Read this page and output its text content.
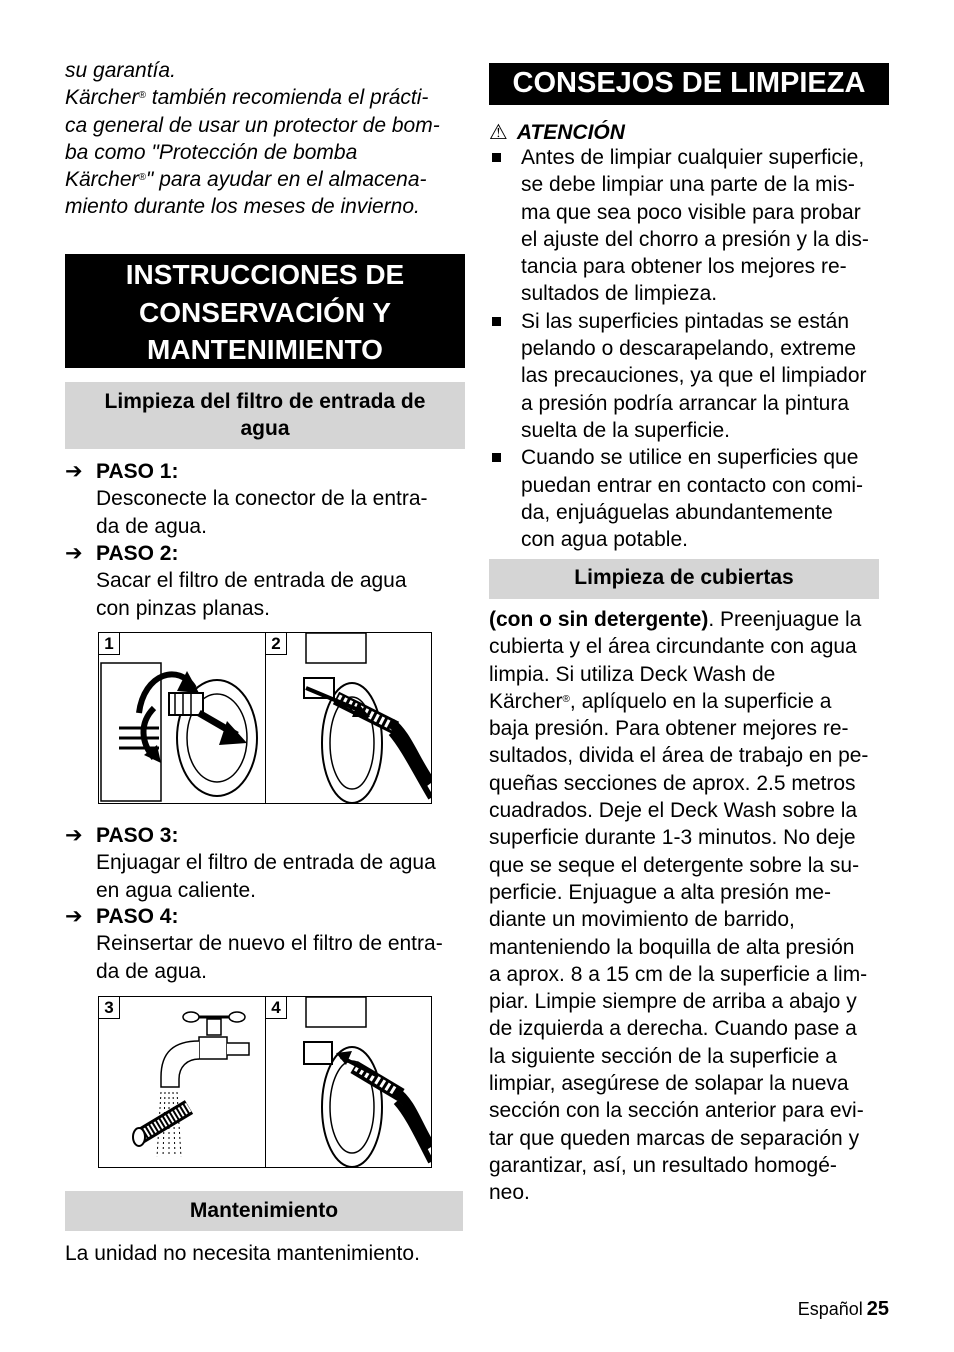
su garantía.

Kärcher® también recomienda el prácti-

ca general de usar un protector de bom-

ba como "Protección de bomba

Kärcher®" para ayudar en el almacena-

miento durante los meses de invierno.

INSTRUCCIONES DE
CONSERVACIÓN Y
MANTENIMIENTO
Limpieza del filtro de entrada de
agua
➔ PASO 1:
Desconecte la conector de la entra-
da de agua.
➔ PASO 2:
Sacar el filtro de entrada de agua
con pinzas planas.
1	2
➔ PASO 3:
Enjuagar el filtro de entrada de agua
en agua caliente.
➔ PASO 4:
Reinsertar de nuevo el filtro de entra-
da de agua.
3	4
Mantenimiento

La unidad no necesita mantenimiento.

CONSEJOS DE LIMPIEZA
⚠ ATENCIÓN
Antes de limpiar cualquier superficie,
se debe limpiar una parte de la mis-
ma que sea poco visible para probar
el ajuste del chorro a presión y la dis-
tancia para obtener los mejores re-
sultados de limpieza.
Si las superficies pintadas se están
pelando o descarapelando, extreme
las precauciones, ya que el limpiador
a presión podría arrancar la pintura
suelta de la superficie.
Cuando se utilice en superficies que
puedan entrar en contacto con comi-
da, enjuáguelas abundantemente
con agua potable.
Limpieza de cubiertas

(con o sin detergente). Preenjuague la

cubierta y el área circundante con agua

limpia. Si utiliza Deck Wash de

Kärcher®, aplíquelo en la superficie a

baja presión. Para obtener mejores re-

sultados, divida el área de trabajo en pe-

queñas secciones de aprox. 2.5 metros

cuadrados. Deje el Deck Wash sobre la

superficie durante 1-3 minutos. No deje

que se seque el detergente sobre la su-

perficie. Enjuague a alta presión me-

diante un movimiento de barrido,

manteniendo la boquilla de alta presión

a aprox. 8 a 15 cm de la superficie a lim-

piar. Limpie siempre de arriba a abajo y

de izquierda a derecha. Cuando pase a

la siguiente sección de la superficie a

limpiar, asegúrese de solapar la nueva

sección con la sección anterior para evi-

tar que queden marcas de separación y

garantizar, así, un resultado homogé-

neo.

Español 25
